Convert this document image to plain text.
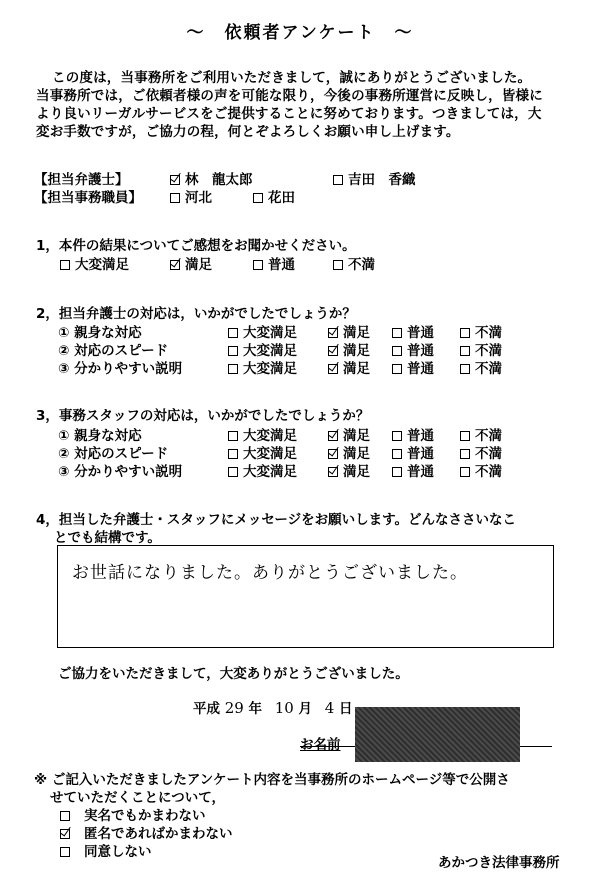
〜　依頼者アンケート　〜
この度は，当事務所をご利用いただきまして，誠にありがとうございました。
当事務所では，ご依頼者様の声を可能な限り，今後の事務所運営に反映し，皆様に
より良いリーガルサービスをご提供することに努めております。つきましては，大
変お手数ですが，ご協力の程，何とぞよろしくお願い申し上げます。
【担当弁護士】	林　龍太郎	吉田　香織
【担当事務職員】	河北	花田
1，本件の結果についてご感想をお聞かせください。
大変満足	満足	普通	不満
2，担当弁護士の対応は，いかがでしたでしょうか？
① 親身な対応	大変満足	満足	普通	不満
② 対応のスピード	大変満足	満足	普通	不満
③ 分かりやすい説明	大変満足	満足	普通	不満
3，事務スタッフの対応は，いかがでしたでしょうか？
① 親身な対応	大変満足	満足	普通	不満
② 対応のスピード	大変満足	満足	普通	不満
③ 分かりやすい説明	大変満足	満足	普通	不満
4，担当した弁護士・スタッフにメッセージをお願いします。どんなささいなこ
とでも結構です。
お世話になりました。ありがとうございました。
ご協力をいただきまして，大変ありがとうございました。
平成 29 年 10 月 4 日
お名前
※ ご記入いただきましたアンケート内容を当事務所のホームページ等で公開さ
せていただくことについて，
実名でもかまわない
匿名であればかまわない
同意しない
あかつき法律事務所
